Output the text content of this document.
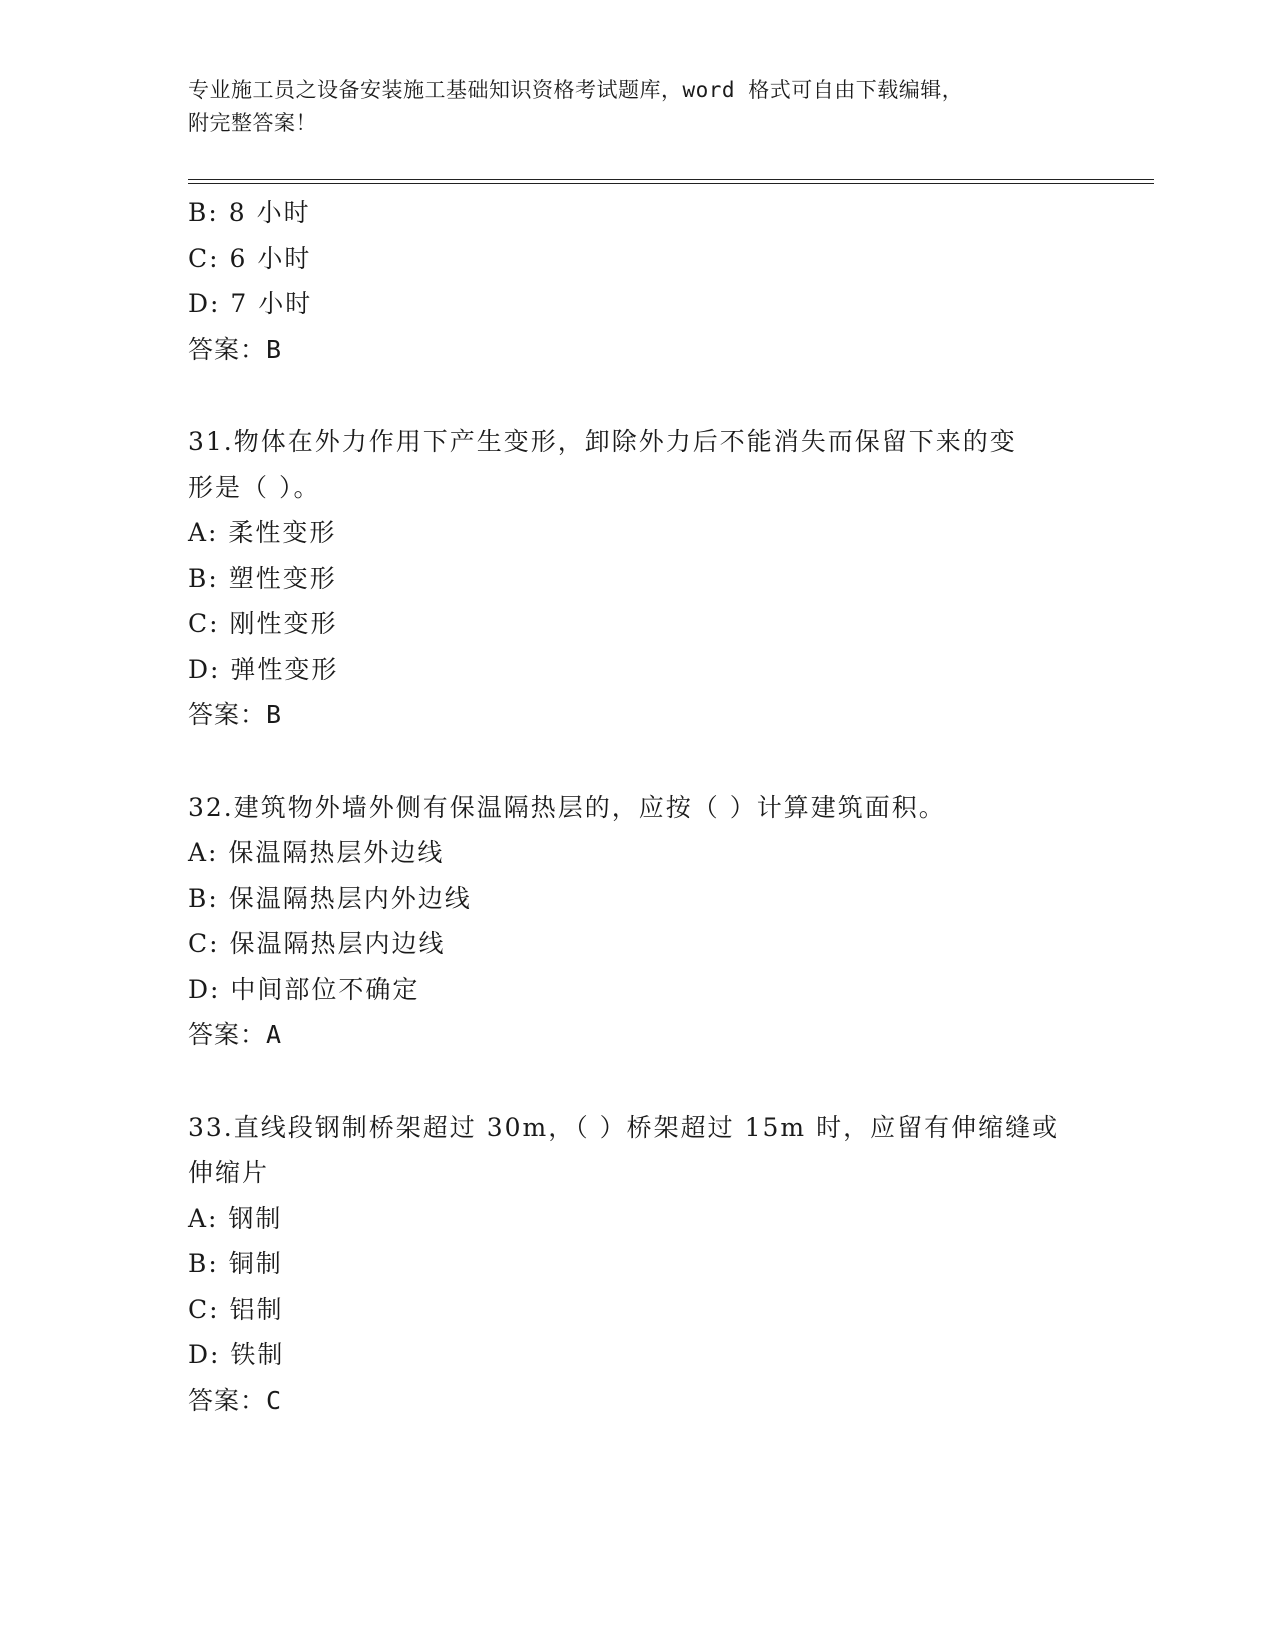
专业施工员之设备安装施工基础知识资格考试题库，word 格式可自由下载编辑，
附完整答案！
B: 8 小时
C: 6 小时
D: 7 小时
答案：B
31.物体在外力作用下产生变形，卸除外力后不能消失而保留下来的变
形是（ ）。
A: 柔性变形
B: 塑性变形
C: 刚性变形
D: 弹性变形
答案：B
32.建筑物外墙外侧有保温隔热层的，应按（ ）计算建筑面积。
A: 保温隔热层外边线
B: 保温隔热层内外边线
C: 保温隔热层内边线
D: 中间部位不确定
答案：A
33.直线段钢制桥架超过 30m，（ ）桥架超过 15m 时，应留有伸缩缝或
伸缩片
A: 钢制
B: 铜制
C: 铝制
D: 铁制
答案：C
